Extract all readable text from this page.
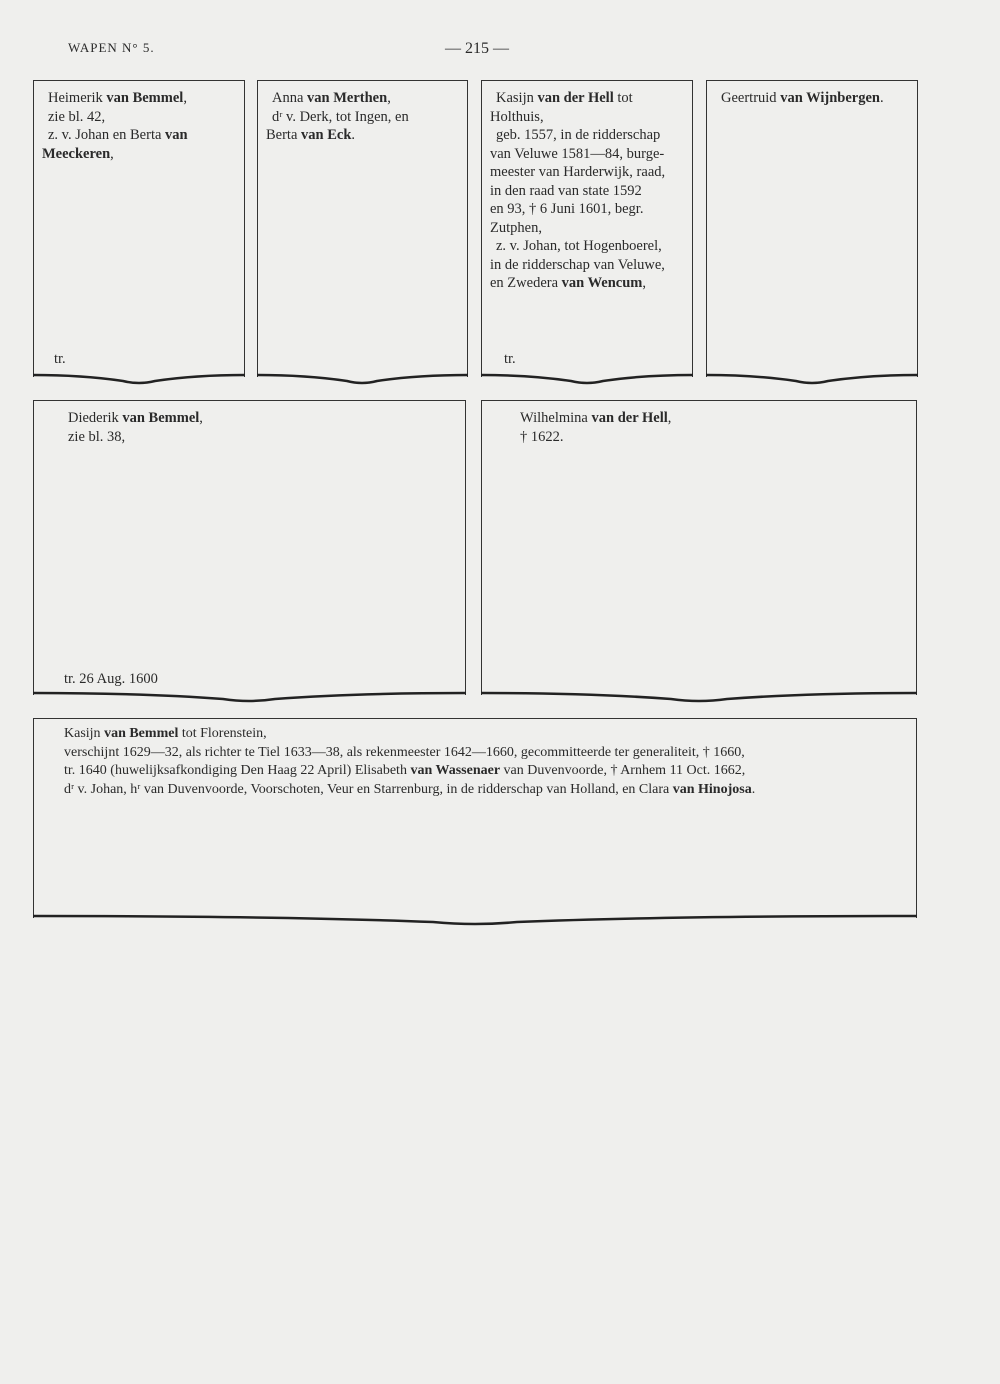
WAPEN N° 5.	— 215 —
Heimerik van Bemmel,
zie bl. 42,
z. v. Johan en Berta van
Meeckeren,
tr.
Anna van Merthen,
dʳ v. Derk, tot Ingen, en
Berta van Eck.
Kasijn van der Hell tot
Holthuis,
geb. 1557, in de ridderschap
van Veluwe 1581—84, burge-
meester van Harderwijk, raad,
in den raad van state 1592
en 93, † 6 Juni 1601, begr.
Zutphen,
z. v. Johan, tot Hogenboerel,
in de ridderschap van Veluwe,
en Zwedera van Wencum,
tr.
Geertruid van Wijnbergen.
Diederik van Bemmel,
zie bl. 38,
tr. 26 Aug. 1600
Wilhelmina van der Hell,
† 1622.
Kasijn van Bemmel tot Florenstein,
verschijnt 1629—32, als richter te Tiel 1633—38, als rekenmeester 1642—1660, gecommitteerde ter generaliteit, † 1660,
tr. 1640 (huwelijksafkondiging Den Haag 22 April) Elisabeth van Wassenaer van Duvenvoorde, † Arnhem 11 Oct. 1662,
dʳ v. Johan, hʳ van Duvenvoorde, Voorschoten, Veur en Starrenburg, in de ridderschap van Holland, en Clara van Hinojosa.
